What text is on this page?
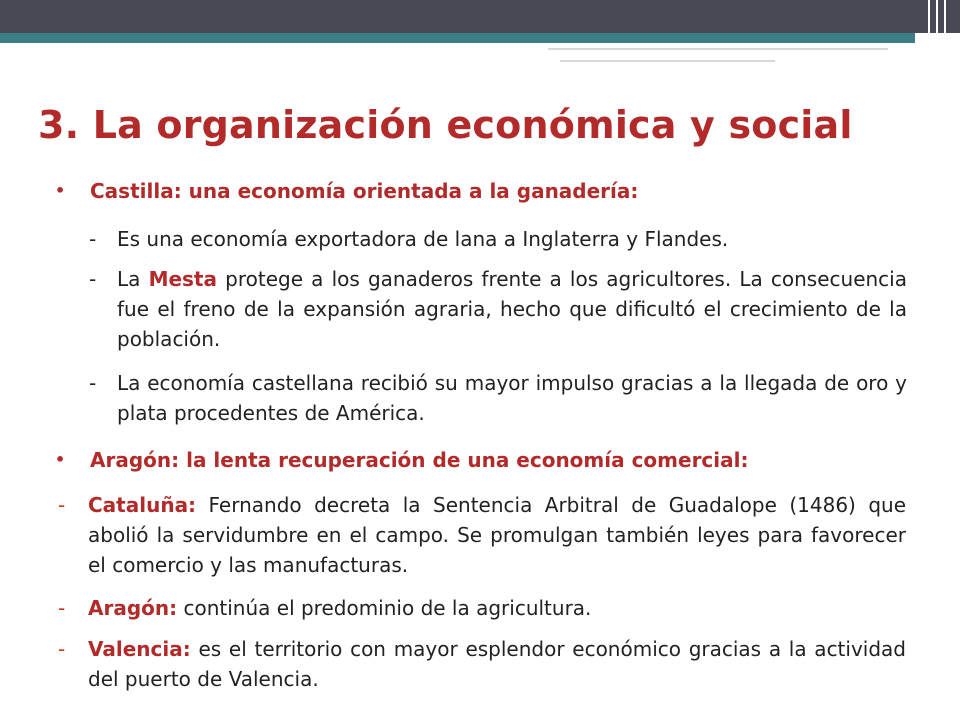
3. La organización económica y social
• Castilla: una economía orientada a la ganadería:
- Es una economía exportadora de lana a Inglaterra y Flandes.
- La Mesta protege a los ganaderos frente a los agricultores. La consecuencia fue el freno de la expansión agraria, hecho que dificultó el crecimiento de la población.
- La economía castellana recibió su mayor impulso gracias a la llegada de oro y plata procedentes de América.
• Aragón: la lenta recuperación de una economía comercial:
- Cataluña: Fernando decreta la Sentencia Arbitral de Guadalope (1486) que abolió la servidumbre en el campo. Se promulgan también leyes para favorecer el comercio y las manufacturas.
- Aragón: continúa el predominio de la agricultura.
- Valencia: es el territorio con mayor esplendor económico gracias a la actividad del puerto de Valencia.
